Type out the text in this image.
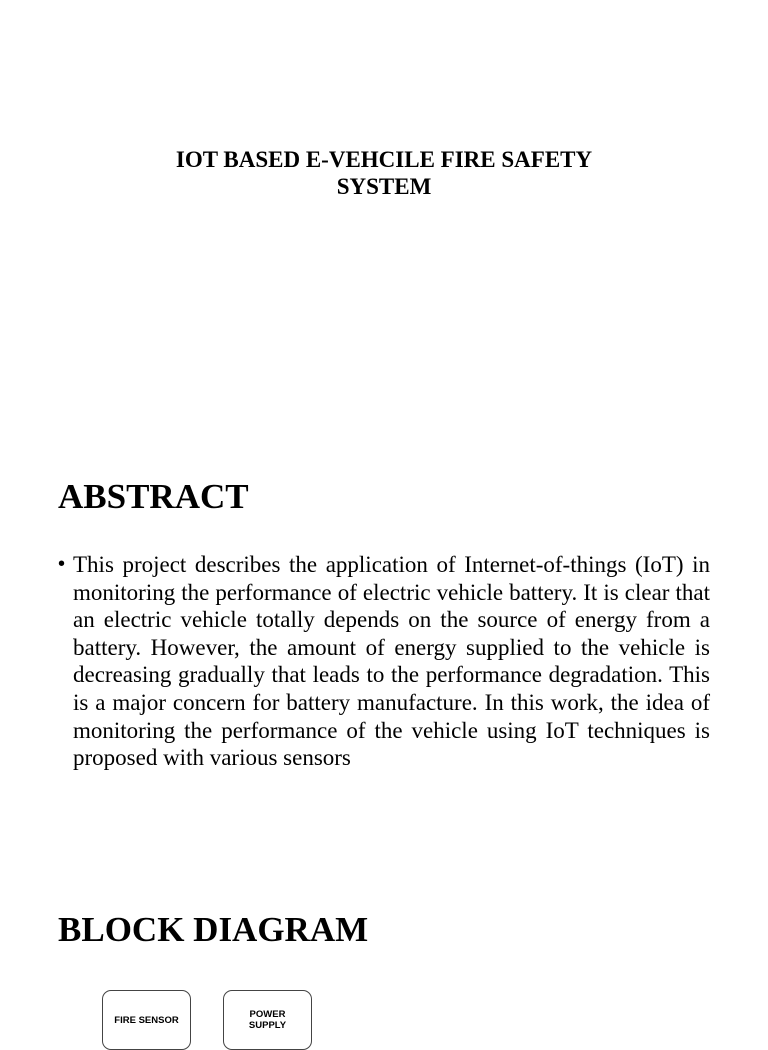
IOT BASED E-VEHCILE FIRE SAFETY
SYSTEM
ABSTRACT
• This project describes the application of Internet-of-things (IoT) in monitoring the performance of electric vehicle battery. It is clear that an electric vehicle totally depends on the source of energy from a battery. However, the amount of energy supplied to the vehicle is decreasing gradually that leads to the performance degradation. This is a major concern for battery manufacture. In this work, the idea of monitoring the performance of the vehicle using IoT techniques is proposed with various sensors

BLOCK DIAGRAM
FIRE SENSOR
POWER
SUPPLY
